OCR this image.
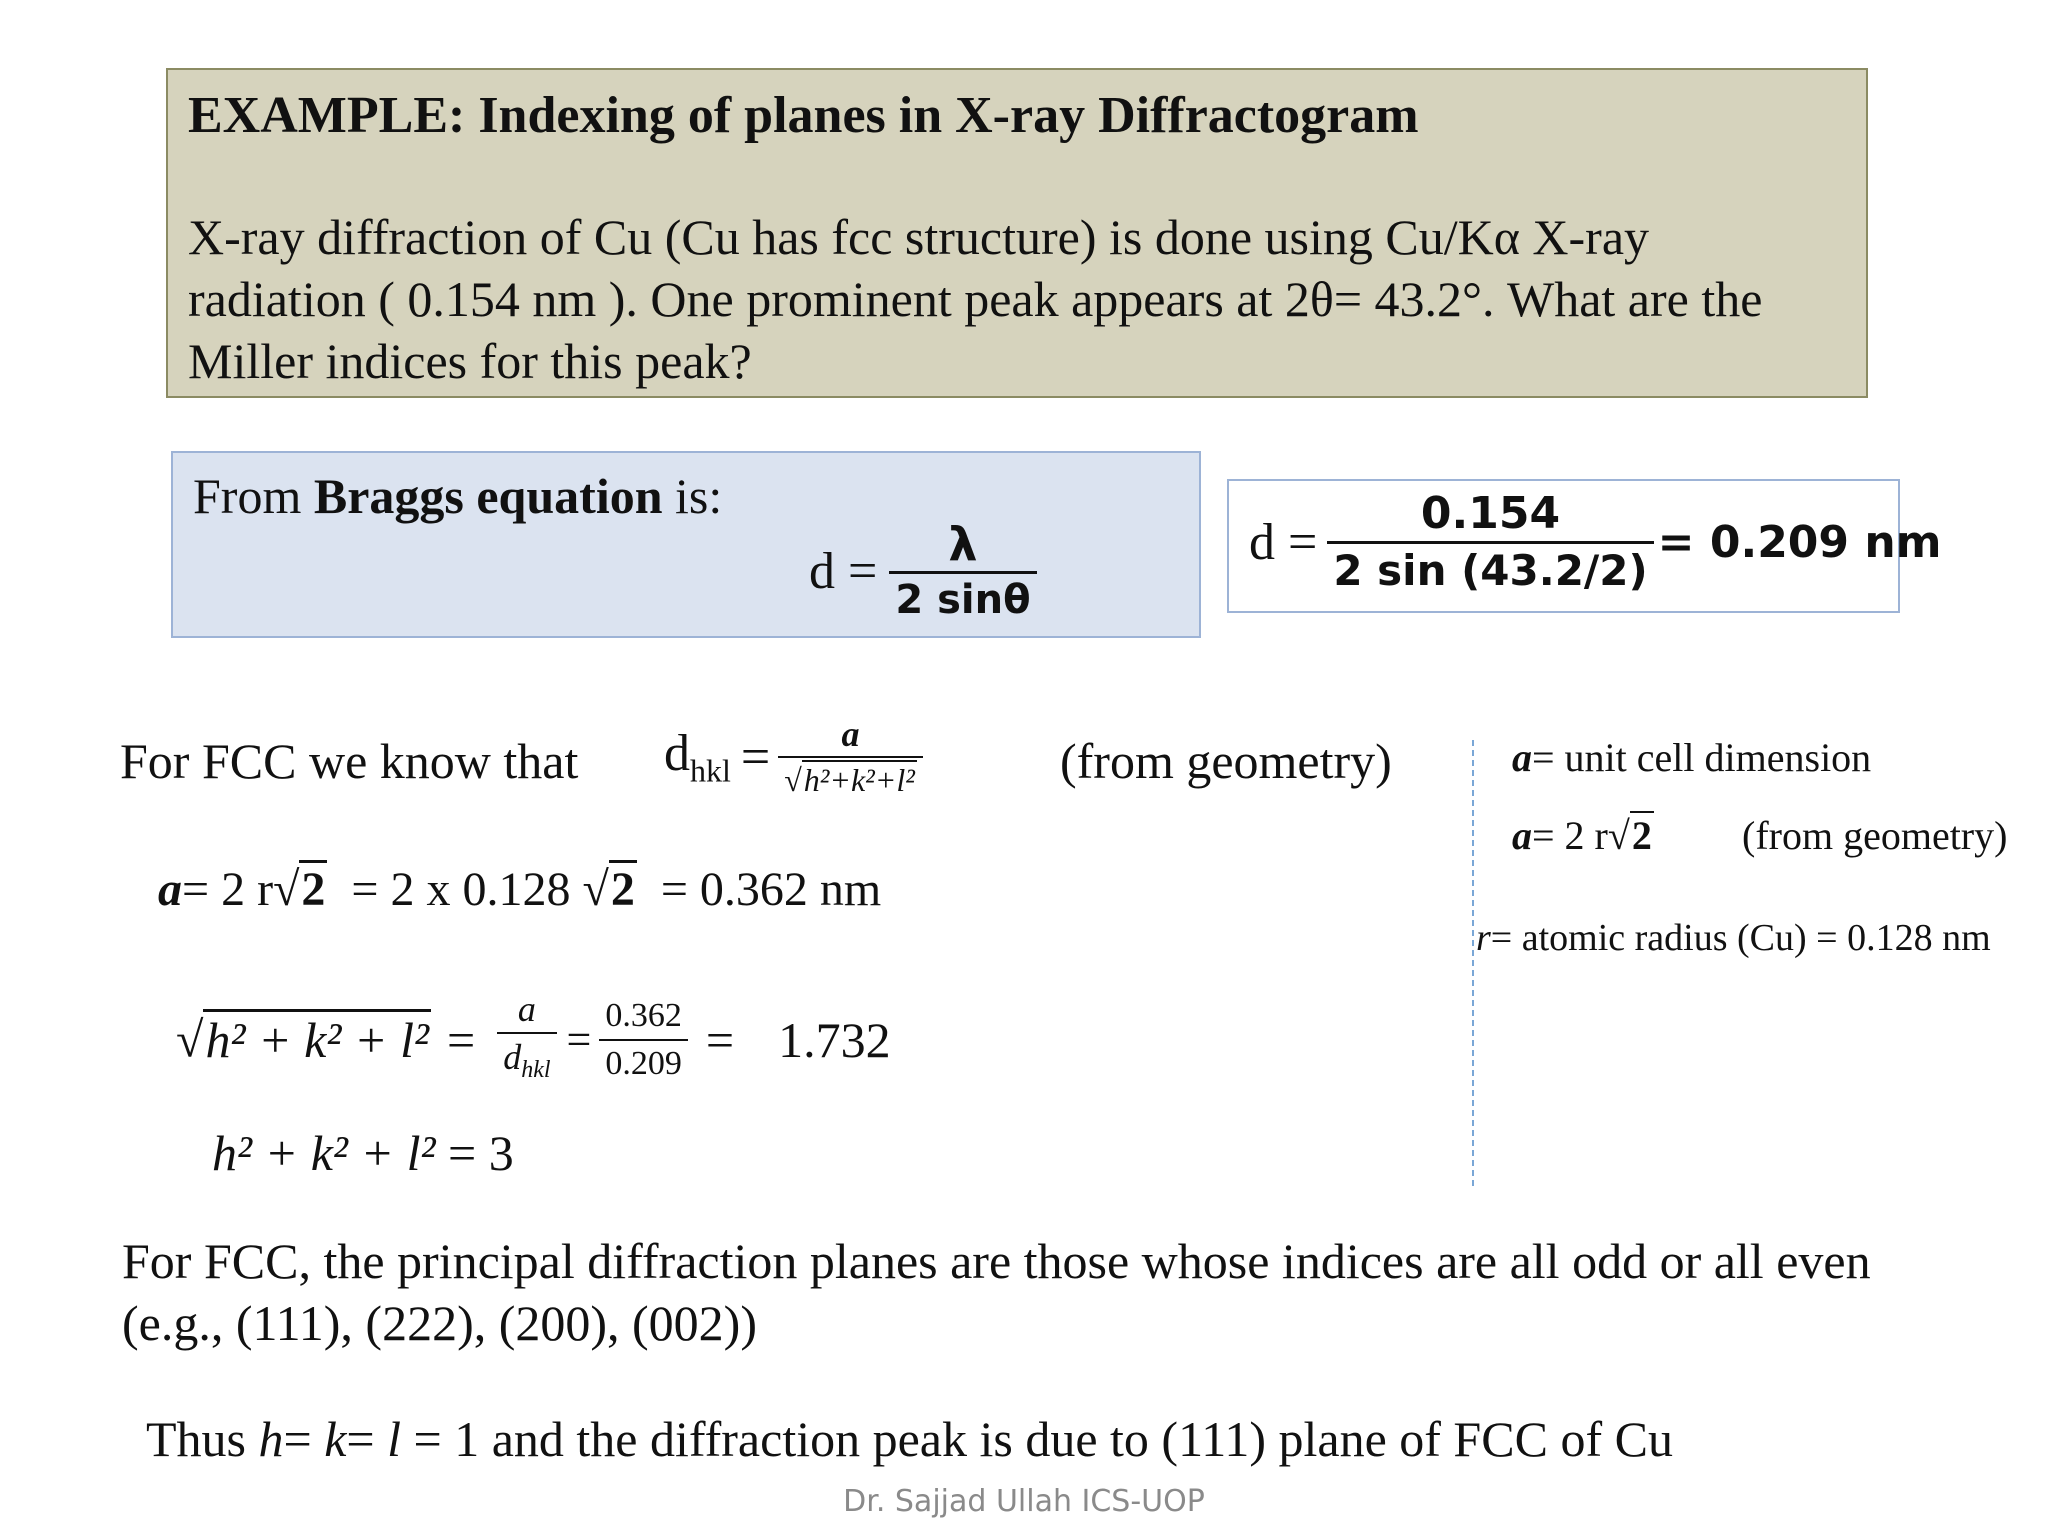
EXAMPLE: Indexing of planes in X-ray Diffractogram
X-ray diffraction of Cu (Cu has fcc structure) is done using Cu/Kα X-ray
radiation ( 0.154 nm ). One prominent peak appears at 2θ= 43.2°. What are the
Miller indices for this peak?
From Braggs equation is:
$d = \frac{\lambda}{2 \sin\theta}$	$d = \frac{0.154}{2 \sin (43.2/2)} = 0.209$ nm
For FCC we know that $d_{hkl} = \frac{a}{\text{√h²+k²+l²}}$	(from geometry)
a= 2 r√2  = 2 x 0.128 √2  = 0.362 nm
$√h^2 + k^2 + l^2 = \frac{a}{d_{hkl}} = \frac{0.362}{0.209} = 1.732$
h² + k² + l² = 3
a= unit cell dimension
a= 2 r√2 (from geometry)
r= atomic radius (Cu) = 0.128 nm
For FCC, the principal diffraction planes are those whose indices are all odd or all even
(e.g., (111), (222), (200), (002))
Thus h= k= l = 1 and the diffraction peak is due to (111) plane of FCC of Cu
Dr. Sajjad Ullah ICS-UOP
